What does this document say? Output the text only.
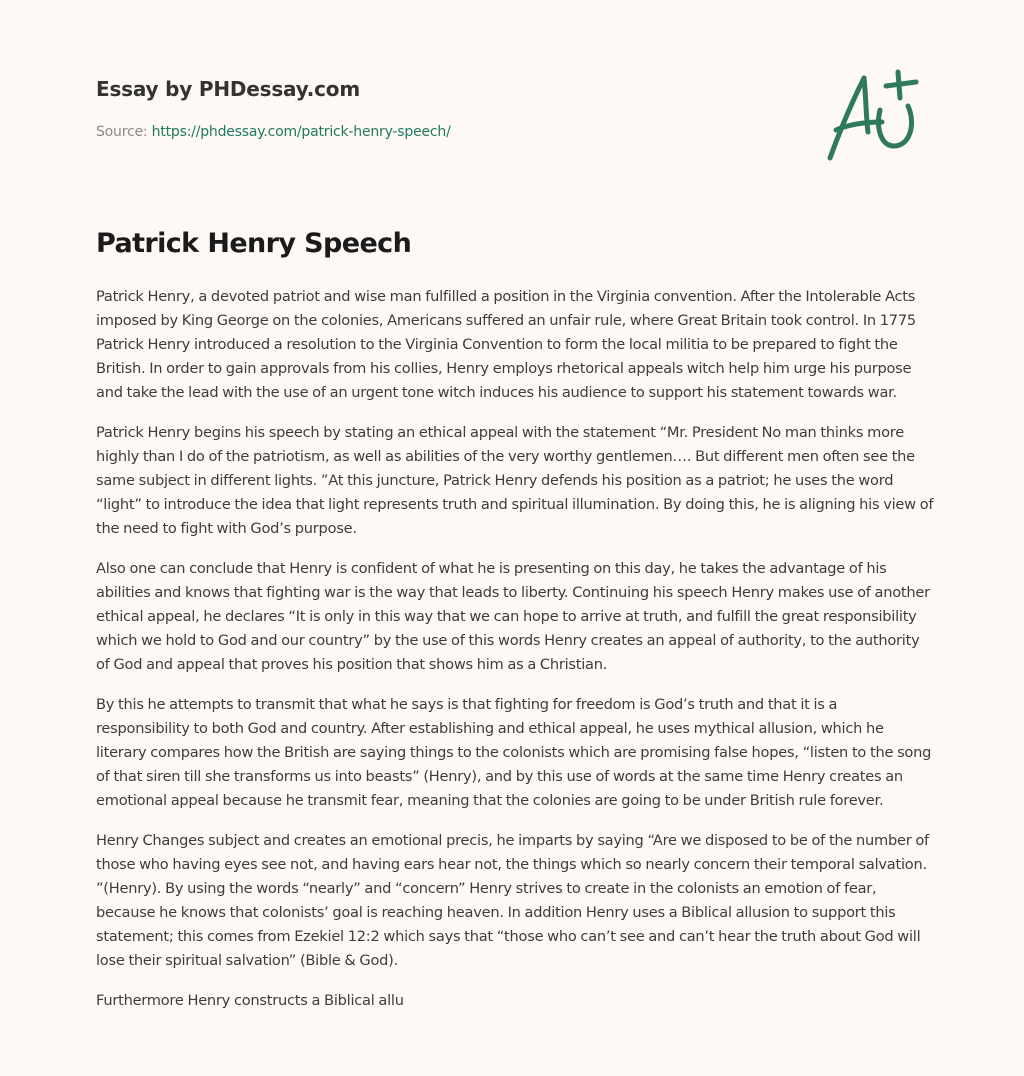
Essay by PHDessay.com
Source: https://phdessay.com/patrick-henry-speech/
Patrick Henry Speech

Patrick Henry, a devoted patriot and wise man fulfilled a position in the Virginia convention. After the Intolerable Acts imposed by King George on the colonies, Americans suffered an unfair rule, where Great Britain took control. In 1775 Patrick Henry introduced a resolution to the Virginia Convention to form the local militia to be prepared to fight the British. In order to gain approvals from his collies, Henry employs rhetorical appeals witch help him urge his purpose and take the lead with the use of an urgent tone witch induces his audience to support his statement towards war.

Patrick Henry begins his speech by stating an ethical appeal with the statement “Mr. President No man thinks more highly than I do of the patriotism, as well as abilities of the very worthy gentlemen…. But different men often see the same subject in different lights. ”At this juncture, Patrick Henry defends his position as a patriot; he uses the word “light” to introduce the idea that light represents truth and spiritual illumination. By doing this, he is aligning his view of the need to fight with God’s purpose.

Also one can conclude that Henry is confident of what he is presenting on this day, he takes the advantage of his abilities and knows that fighting war is the way that leads to liberty. Continuing his speech Henry makes use of another ethical appeal, he declares “It is only in this way that we can hope to arrive at truth, and fulfill the great responsibility which we hold to God and our country” by the use of this words Henry creates an appeal of authority, to the authority of God and appeal that proves his position that shows him as a Christian.

By this he attempts to transmit that what he says is that fighting for freedom is God’s truth and that it is a responsibility to both God and country. After establishing and ethical appeal, he uses mythical allusion, which he literary compares how the British are saying things to the colonists which are promising false hopes, “listen to the song of that siren till she transforms us into beasts” (Henry), and by this use of words at the same time Henry creates an emotional appeal because he transmit fear, meaning that the colonies are going to be under British rule forever.

Henry Changes subject and creates an emotional precis, he imparts by saying “Are we disposed to be of the number of those who having eyes see not, and having ears hear not, the things which so nearly concern their temporal salvation. ”(Henry). By using the words “nearly” and “concern” Henry strives to create in the colonists an emotion of fear, because he knows that colonists’ goal is reaching heaven. In addition Henry uses a Biblical allusion to support this statement; this comes from Ezekiel 12:2 which says that “those who can’t see and can’t hear the truth about God will lose their spiritual salvation” (Bible & God).

Furthermore Henry constructs a Biblical allu
